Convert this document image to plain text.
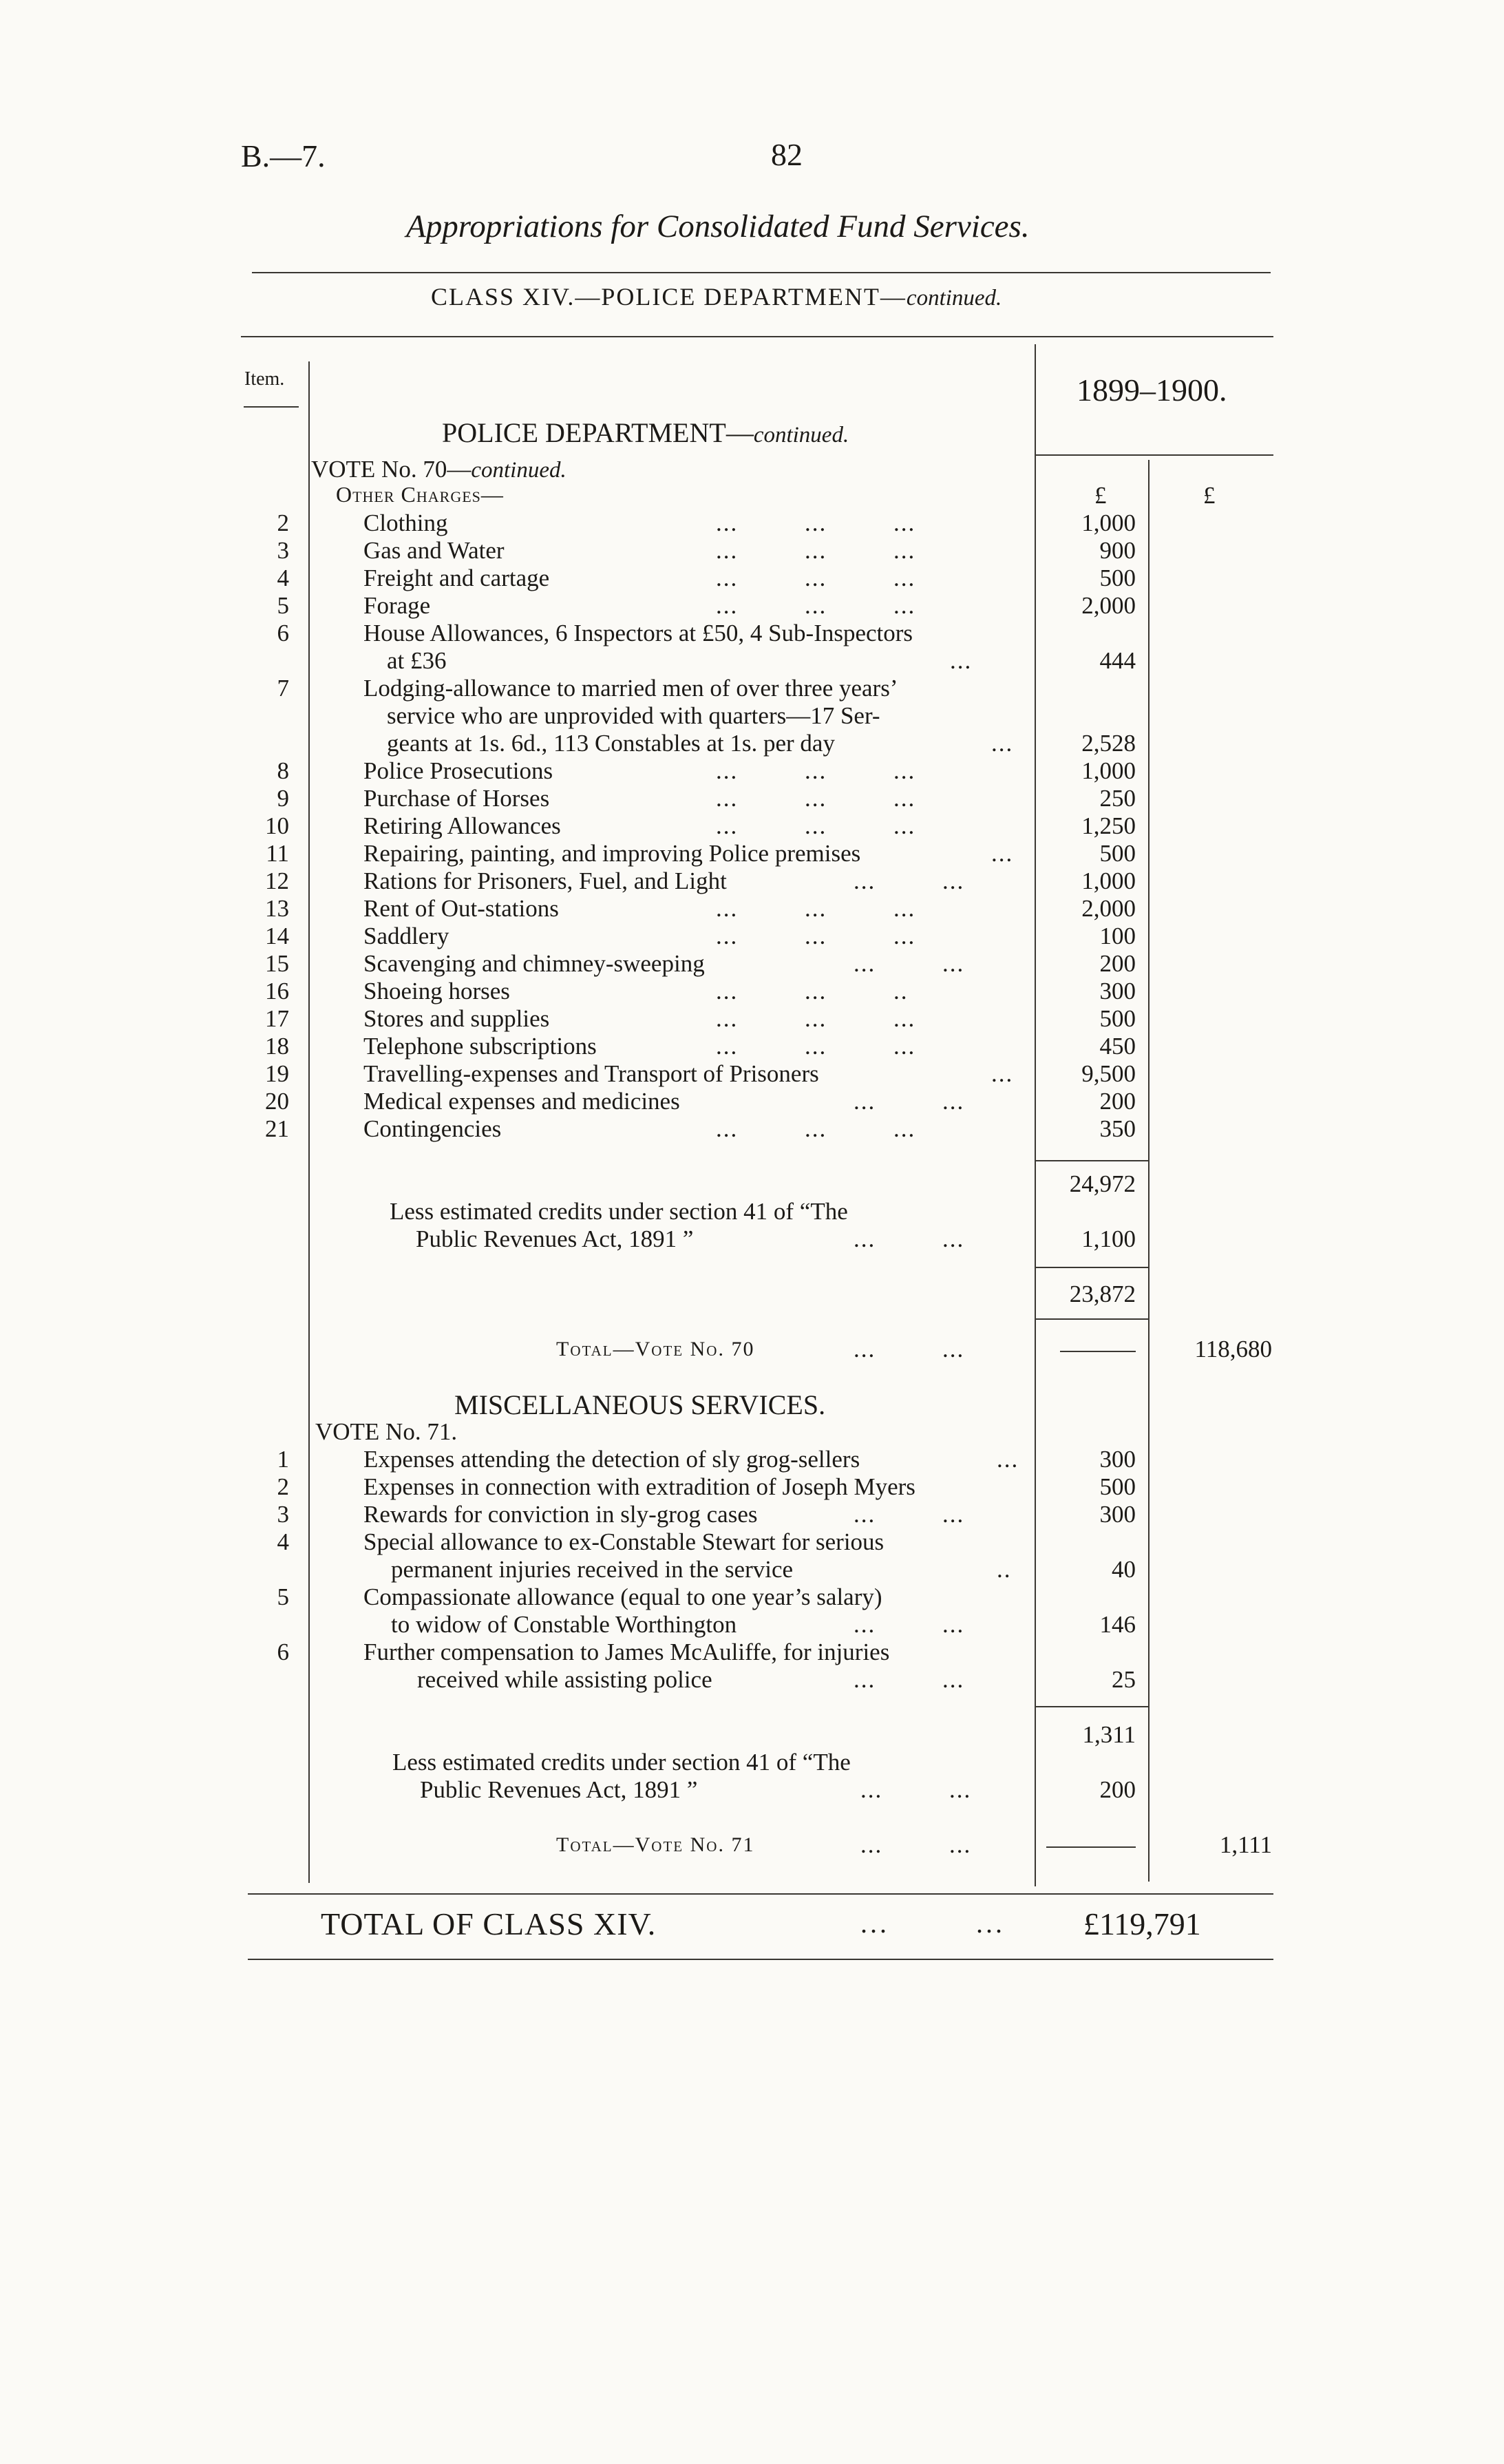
B.—7.	82
Appropriations for Consolidated Fund Services.
CLASS XIV.—POLICE DEPARTMENT—continued.
Item.	1899–1900.
POLICE DEPARTMENT—continued.
VOTE No. 70—continued.
Other Charges—	£	£
2	Clothing	...         ...         ...	1,000
3	Gas and Water	...         ...         ...	900
4	Freight and cartage	...         ...         ...	500
5	Forage	...         ...         ...	2,000
6	House Allowances, 6 Inspectors at £50, 4 Sub-Inspectors
at £36	...	444
7	Lodging-allowance to married men of over three years’
service who are unprovided with quarters—17 Ser-
geants at 1s. 6d., 113 Constables at 1s. per day	...	2,528
8	Police Prosecutions	...         ...         ...	1,000
9	Purchase of Horses	...         ...         ...	250
10	Retiring Allowances	...         ...         ...	1,250
11	Repairing, painting, and improving Police premises	...	500
12	Rations for Prisoners, Fuel, and Light	...         ...	1,000
13	Rent of Out-stations	...         ...         ...	2,000
14	Saddlery	...         ...         ...	100
15	Scavenging and chimney-sweeping	...         ...	200
16	Shoeing horses	...         ...         ..	300
17	Stores and supplies	...         ...         ...	500
18	Telephone subscriptions	...         ...         ...	450
19	Travelling-expenses and Transport of Prisoners	...	9,500
20	Medical expenses and medicines	...         ...	200
21	Contingencies	...         ...         ...	350
24,972
Less estimated credits under section 41 of “The
Public Revenues Act, 1891 ”	...         ...	1,100
23,872
Total—Vote No. 70	...         ...	118,680
MISCELLANEOUS SERVICES.
VOTE No. 71.
1	Expenses attending the detection of sly grog-sellers	...	300
2	Expenses in connection with extradition of Joseph Myers	500
3	Rewards for conviction in sly-grog cases	...         ...	300
4	Special allowance to ex-Constable Stewart for serious
permanent injuries received in the service	..	40
5	Compassionate allowance (equal to one year’s salary)
to widow of Constable Worthington	...         ...	146
6	Further compensation to James McAuliffe, for injuries
received while assisting police	...         ...	25
1,311
Less estimated credits under section 41 of “The
Public Revenues Act, 1891 ”	...         ...	200
Total—Vote No. 71	...         ...	1,111
TOTAL OF CLASS XIV.	...         ... £119,791
